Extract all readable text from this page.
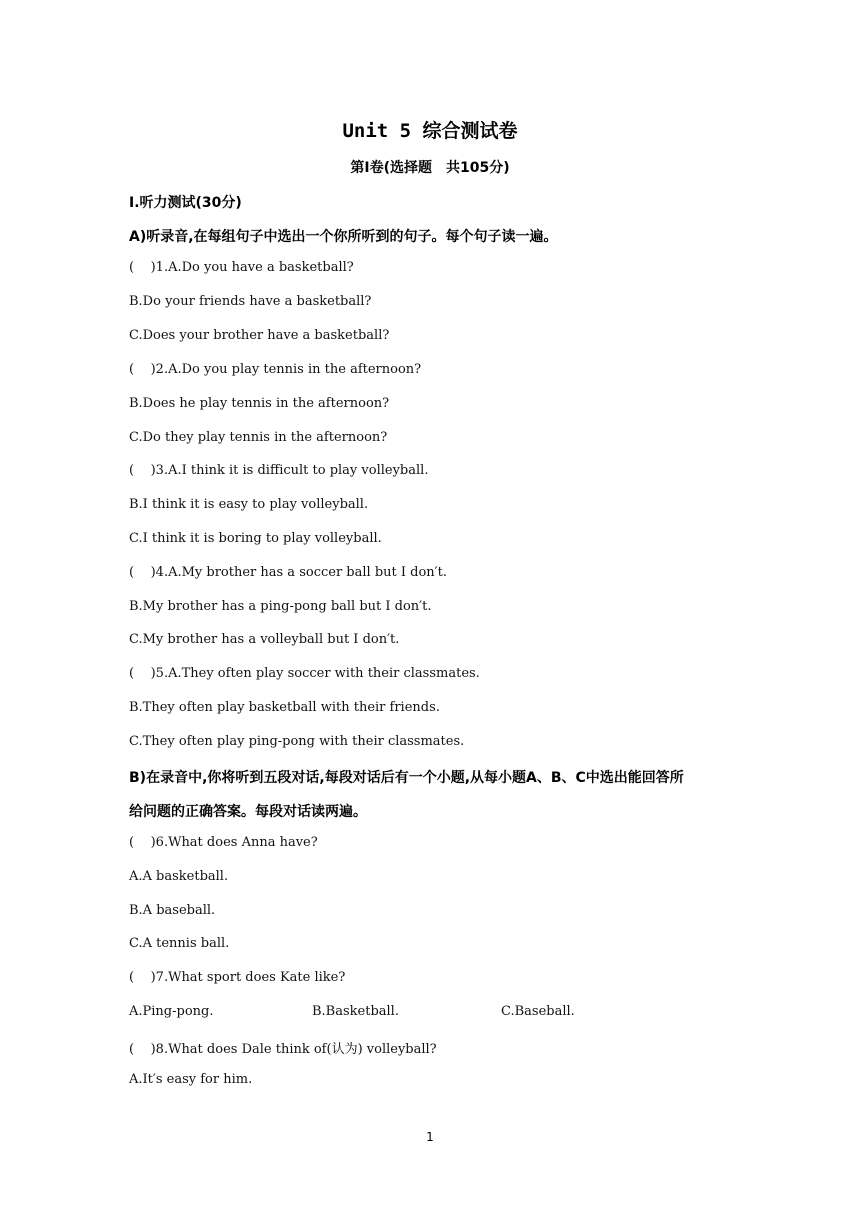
Unit 5 综合测试卷
第Ⅰ卷(选择题　共105分)
Ⅰ.听力测试(30分)
A)听录音,在每组句子中选出一个你所听到的句子。每个句子读一遍。
(    )1.A.Do you have a basketball?
B.Do your friends have a basketball?
C.Does your brother have a basketball?
(    )2.A.Do you play tennis in the afternoon?
B.Does he play tennis in the afternoon?
C.Do they play tennis in the afternoon?
(    )3.A.I think it is difficult to play volleyball.
B.I think it is easy to play volleyball.
C.I think it is boring to play volleyball.
(    )4.A.My brother has a soccer ball but I don′t.
B.My brother has a ping-pong ball but I don′t.
C.My brother has a volleyball but I don′t.
(    )5.A.They often play soccer with their classmates.
B.They often play basketball with their friends.
C.They often play ping-pong with their classmates.
B)在录音中,你将听到五段对话,每段对话后有一个小题,从每小题A、B、C中选出能回答所
给问题的正确答案。每段对话读两遍。
(    )6.What does Anna have?
A.A basketball.
B.A baseball.
C.A tennis ball.
(    )7.What sport does Kate like?
A.Ping-pong.	B.Basketball.	C.Baseball.
(    )8.What does Dale think of(认为) volleyball?
A.It′s easy for him.
1
